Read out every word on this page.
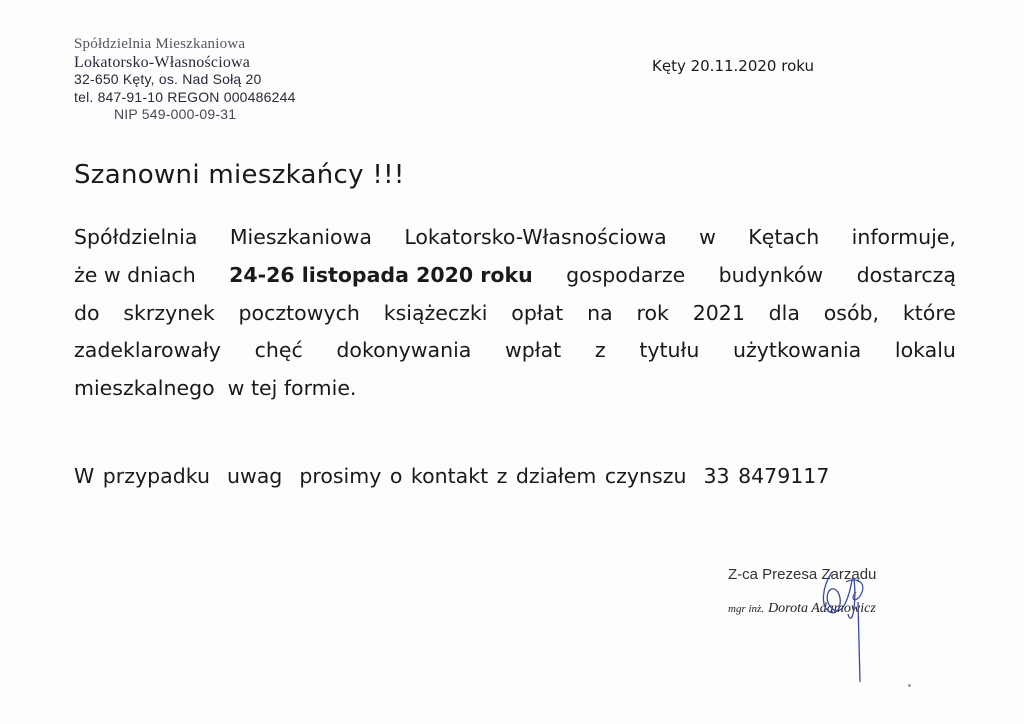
Spółdzielnia Mieszkaniowa
Lokatorsko-Własnościowa
32-650 Kęty, os. Nad Sołą 20
tel. 847-91-10 REGON 000486244
NIP 549-000-09-31
Kęty 20.11.2020 roku
Szanowni mieszkańcy !!!
Spółdzielnia Mieszkaniowa Lokatorsko-Własnościowa w Kętach informuje,
że w dniach 24-26 listopada 2020 roku gospodarze budynków dostarczą
do skrzynek pocztowych książeczki opłat na rok 2021 dla osób, które
zadeklarowały chęć dokonywania wpłat z tytułu użytkowania lokalu
mieszkalnego  w tej formie.
W przypadku  uwag  prosimy o kontakt z działem czynszu  33 8479117
Z-ca Prezesa Zarządu
mgr inż. Dorota Adamowicz
